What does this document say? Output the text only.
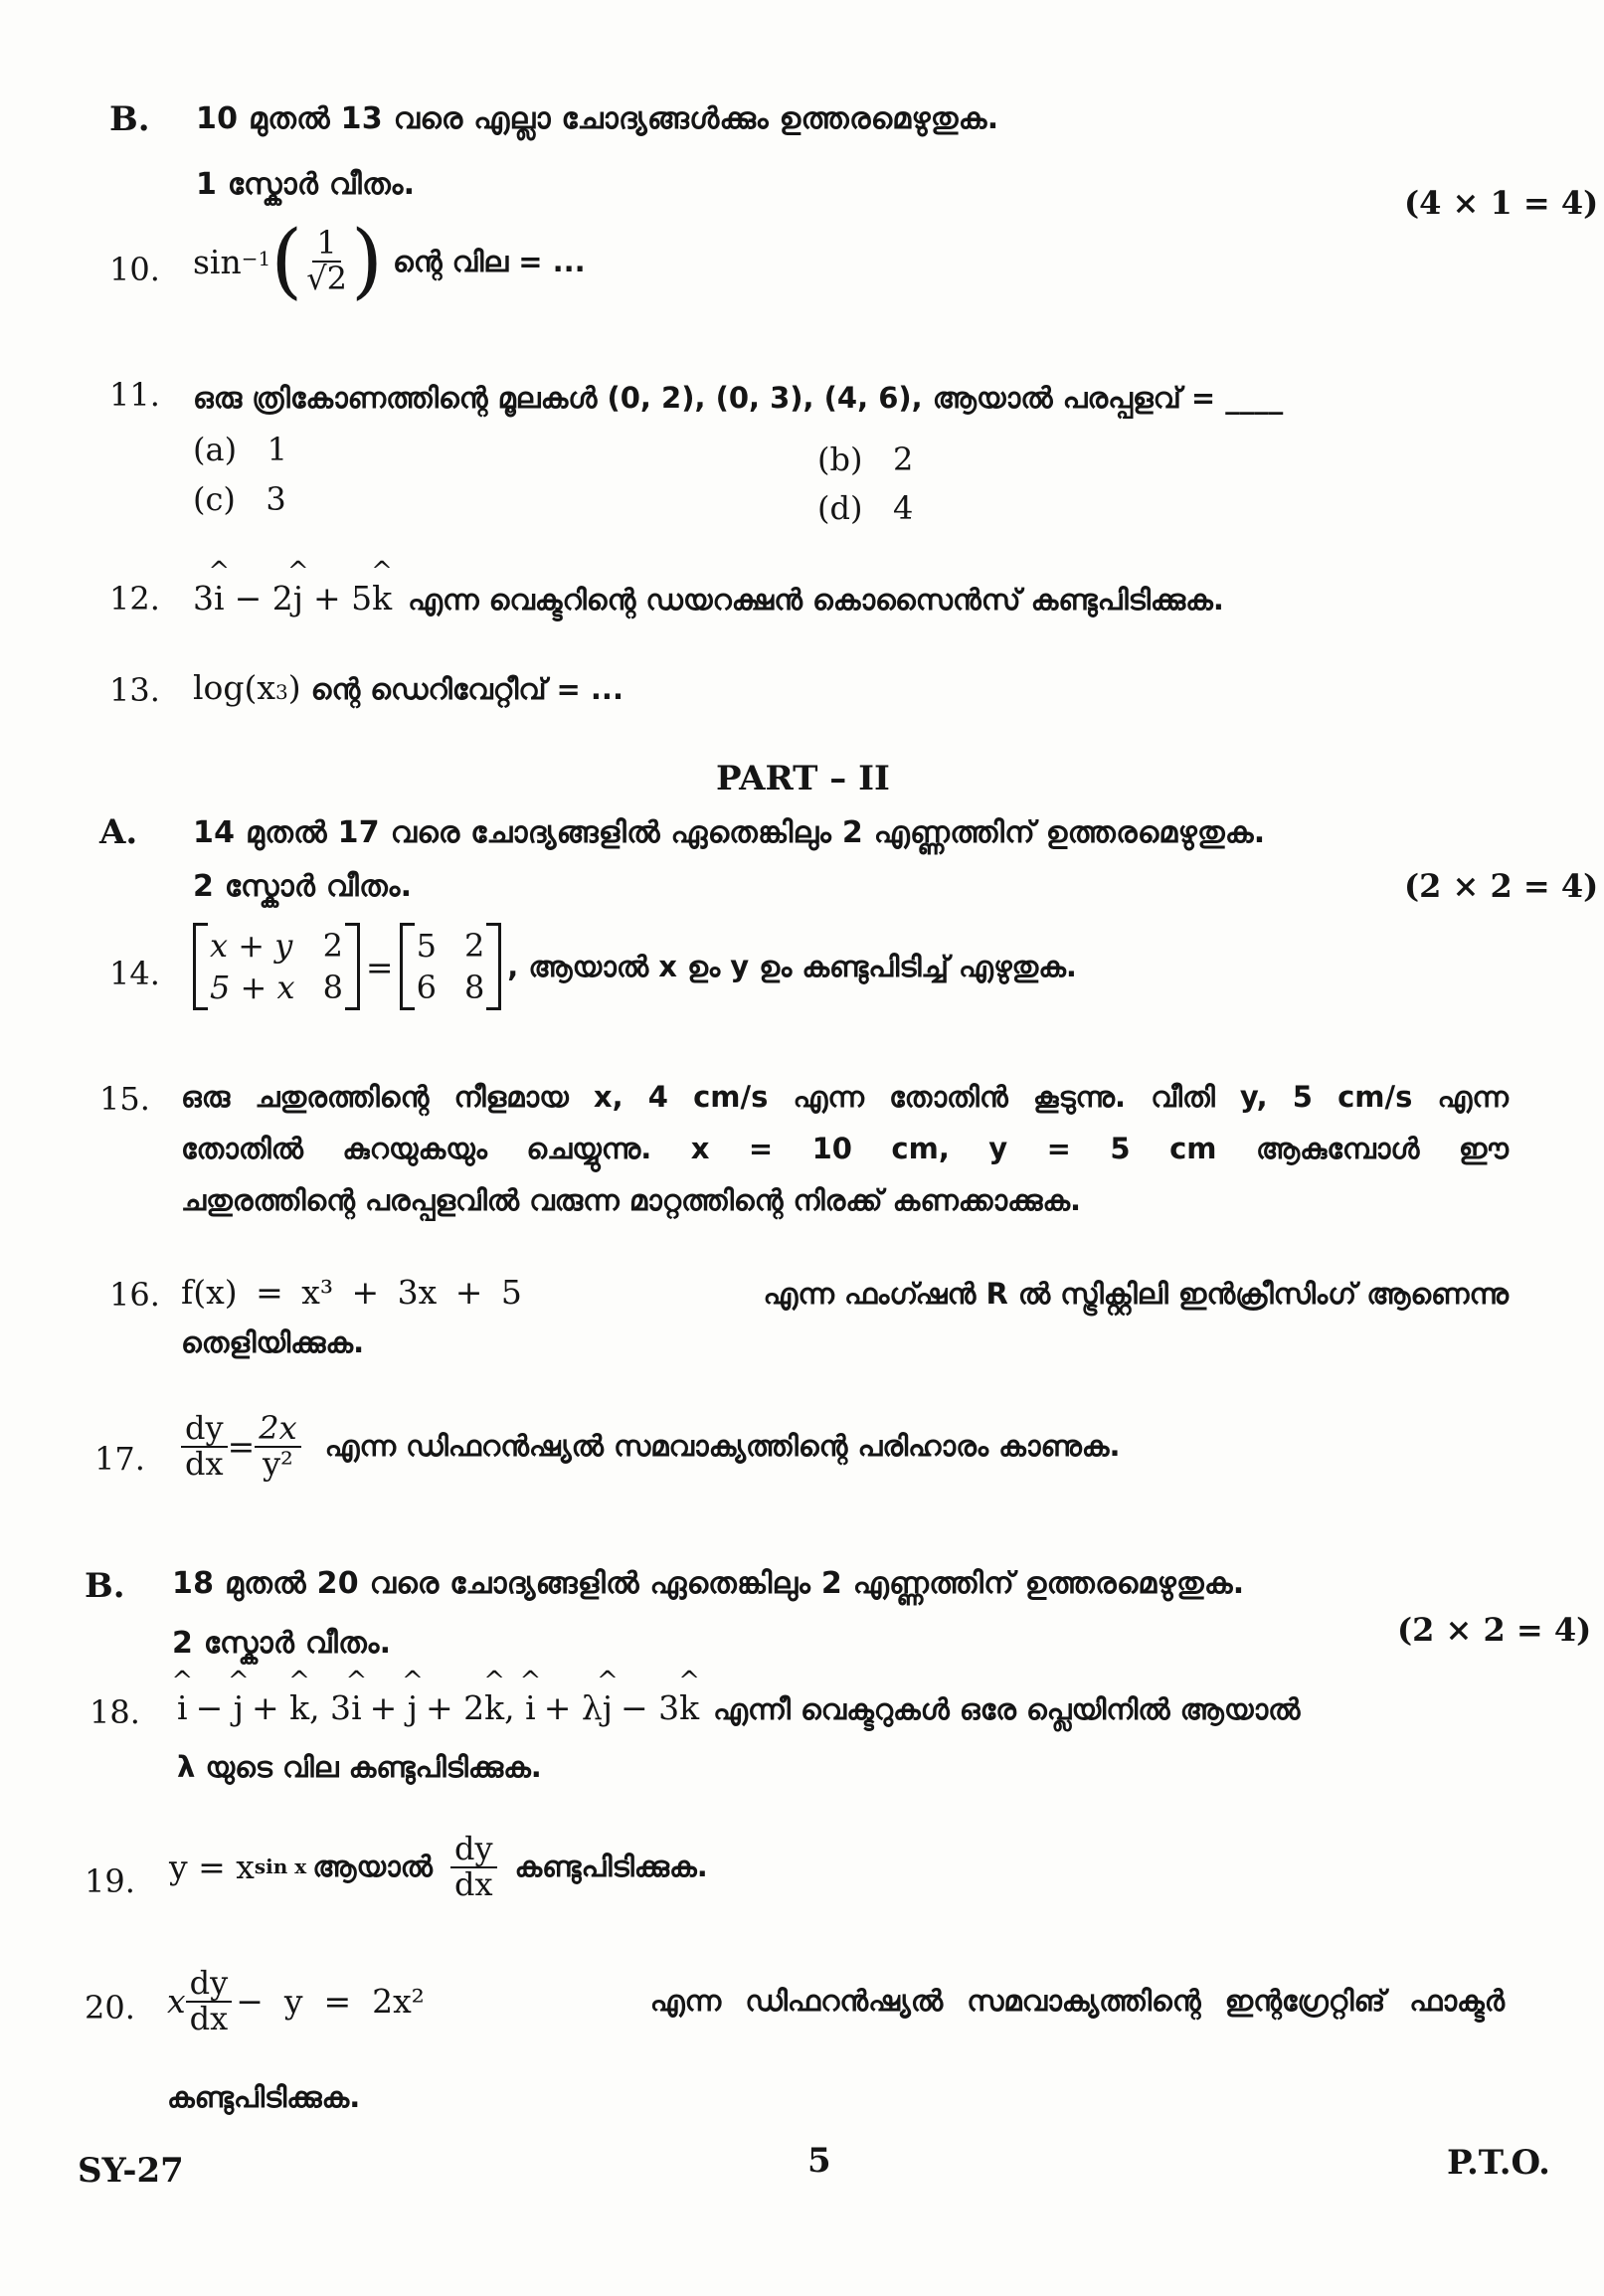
B. 10 മുതൽ 13 വരെ എല്ലാ ചോദ്യങ്ങൾക്കും ഉത്തരമെഴുതുക.
1 സ്കോർ വീതം.	(4 × 1 = 4)
10. sin −1 ( $\frac{1}{√2}$ ) ന്റെ വില = ...
11. ഒരു ത്രികോണത്തിന്റെ മൂലകൾ (0, 2), (0, 3), (4, 6), ആയാൽ പരപ്പളവ് = ____
(a) 1	(b) 2
(c) 3	(d) 4
12. 3 ^ i − 2 ^ j + 5 ^ k എന്ന വെക്ടറിന്റെ ഡയറക്ഷൻ കൊസൈൻസ് കണ്ടുപിടിക്കുക.
13. log(x 3 ) ന്റെ ഡെറിവേറ്റീവ് = ...
PART – II
A. 14 മുതൽ 17 വരെ ചോദ്യങ്ങളിൽ ഏതെങ്കിലും 2 എണ്ണത്തിന് ഉത്തരമെഴുതുക.
2 സ്കോർ വീതം.	(2 × 2 = 4)
14.
x + y 2
5 + x 8
=
5 2
6 8
, ആയാൽ x ഉം y ഉം കണ്ടുപിടിച്ച് എഴുതുക.
15. ഒരു ചതുരത്തിന്റെ നീളമായ x, 4 cm/s എന്ന തോതിൻ കൂടുന്നു. വീതി y, 5 cm/s എന്ന
തോതിൽ കുറയുകയും ചെയ്യുന്നു. x = 10 cm, y = 5 cm ആകുമ്പോൾ ഈ
ചതുരത്തിന്റെ പരപ്പളവിൽ വരുന്ന മാറ്റത്തിന്റെ നിരക്ക് കണക്കാക്കുക.
16. f(x) = x³ + 3x + 5	എന്ന ഫംഗ്ഷൻ R ൽ സ്ട്രിക്റ്റിലി ഇൻക്രീസിംഗ് ആണെന്നു
തെളിയിക്കുക.
17. $\frac{dy}{dx} = \frac{2x}{\text{y²}}$ എന്ന ഡിഫറൻഷ്യൽ സമവാക്യത്തിന്റെ പരിഹാരം കാണുക.
B. 18 മുതൽ 20 വരെ ചോദ്യങ്ങളിൽ ഏതെങ്കിലും 2 എണ്ണത്തിന് ഉത്തരമെഴുതുക.
2 സ്കോർ വീതം.	(2 × 2 = 4)
18. ^ i − ^ j + ^ k , 3 ^ i + ^ j + 2 ^ k , ^ i + λ ^ j − 3 ^ k എന്നീ വെക്ടറുകൾ ഒരേ പ്ലെയിനിൽ ആയാൽ
λ യുടെ വില കണ്ടുപിടിക്കുക.
19. y = x sin x ആയാൽ $\frac{dy}{dx}$ കണ്ടുപിടിക്കുക.
20. x $\frac{dy}{dx} - y = 2x^2$	എന്ന ഡിഫറൻഷ്യൽ സമവാക്യത്തിന്റെ ഇന്റഗ്രേറ്റിങ് ഫാക്ടർ
കണ്ടുപിടിക്കുക.
SY-27	5	P.T.O.
